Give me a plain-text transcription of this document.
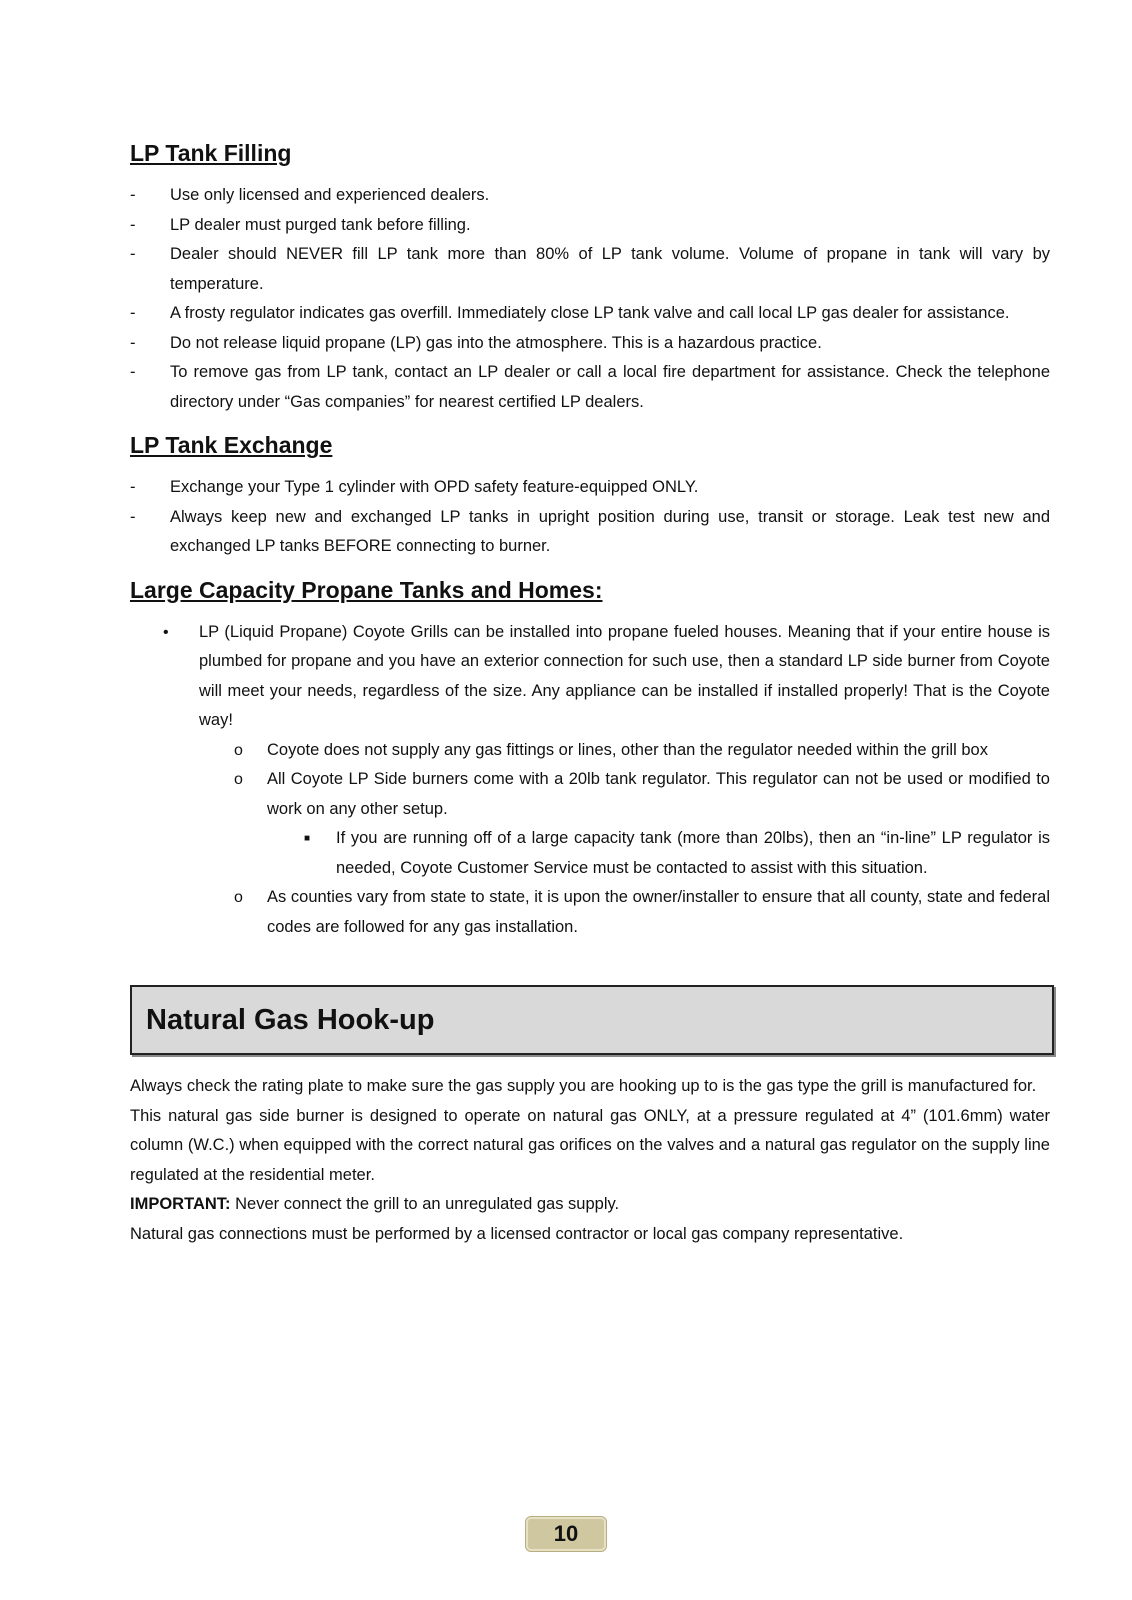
LP Tank Filling
-	Use only licensed and experienced dealers.
-	LP dealer must purged tank before filling.
-	Dealer should NEVER fill LP tank more than 80% of LP tank volume. Volume of propane in tank will vary by temperature.
-	A frosty regulator indicates gas overfill. Immediately close LP tank valve and call local LP gas dealer for assistance.
-	Do not release liquid propane (LP) gas into the atmosphere. This is a hazardous practice.
-	To remove gas from LP tank, contact an LP dealer or call a local fire department for assistance. Check the telephone directory under “Gas companies” for nearest certified LP dealers.
LP Tank Exchange
-	Exchange your Type 1 cylinder with OPD safety feature-equipped ONLY.
-	Always keep new and exchanged LP tanks in upright position during use, transit or storage. Leak test new and exchanged LP tanks BEFORE connecting to burner.
Large Capacity Propane Tanks and Homes:
• LP (Liquid Propane) Coyote Grills can be installed into propane fueled houses. Meaning that if your entire house is plumbed for propane and you have an exterior connection for such use, then a standard LP side burner from Coyote will meet your needs, regardless of the size. Any appliance can be installed if installed properly! That is the Coyote way!
o Coyote does not supply any gas fittings or lines, other than the regulator needed within the grill box
o All Coyote LP Side burners come with a 20lb tank regulator. This regulator can not be used or modified to work on any other setup.
■ If you are running off of a large capacity tank (more than 20lbs), then an “in-line” LP regulator is needed, Coyote Customer Service must be contacted to assist with this situation.
o As counties vary from state to state, it is upon the owner/installer to ensure that all county, state and federal codes are followed for any gas installation.
Natural Gas Hook-up

Always check the rating plate to make sure the gas supply you are hooking up to is the gas type the grill is manufactured for.

This natural gas side burner is designed to operate on natural gas ONLY, at a pressure regulated at 4” (101.6mm) water column (W.C.) when equipped with the correct natural gas orifices on the valves and a natural gas regulator on the supply line regulated at the residential meter.

IMPORTANT: Never connect the grill to an unregulated gas supply.

Natural gas connections must be performed by a licensed contractor or local gas company representative.

10
